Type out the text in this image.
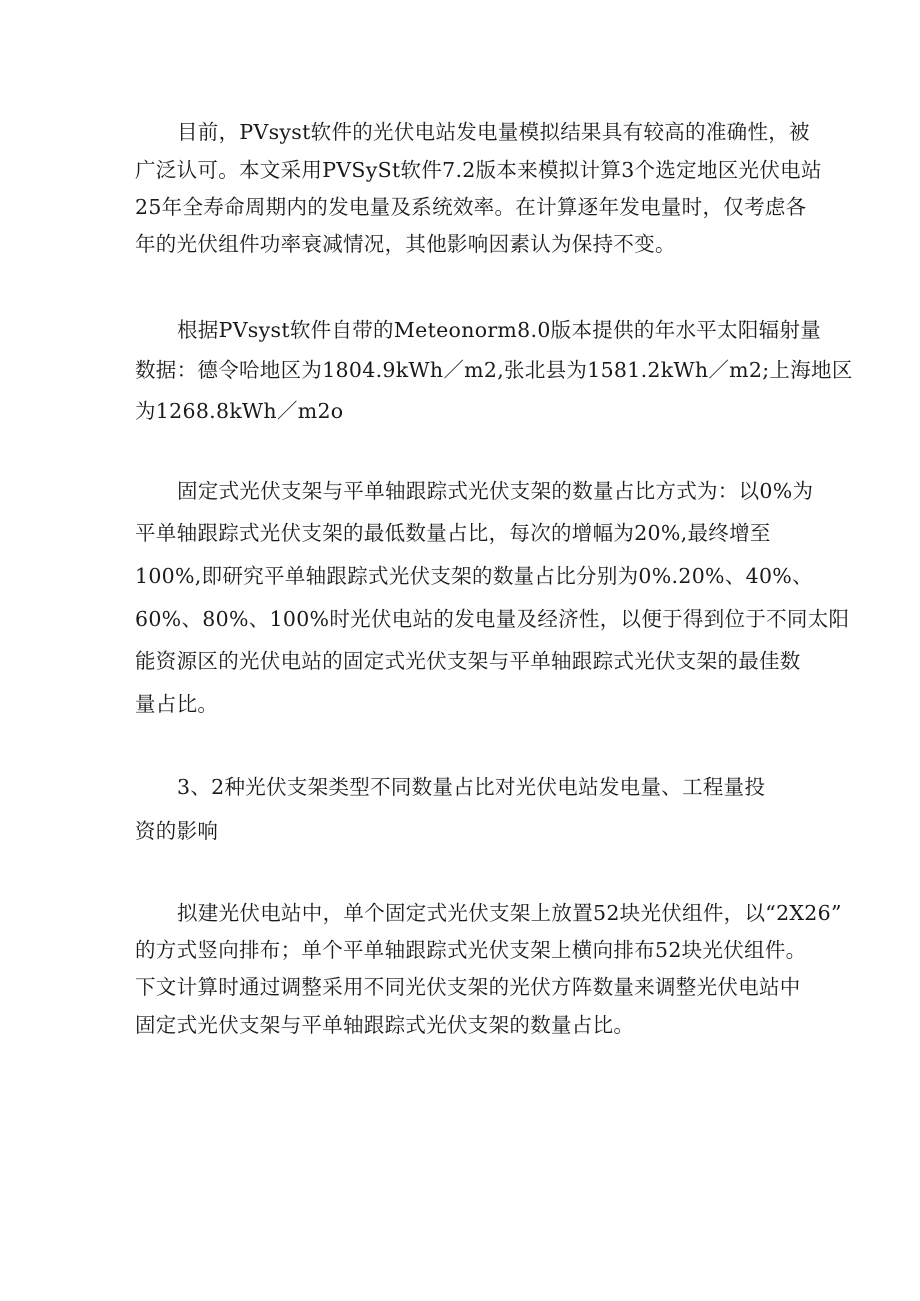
目前，PVsyst软件的光伏电站发电量模拟结果具有较高的准确性，被
广泛认可。本文采用PVSySt软件7.2版本来模拟计算3个选定地区光伏电站
25年全寿命周期内的发电量及系统效率。在计算逐年发电量时，仅考虑各
年的光伏组件功率衰减情况，其他影响因素认为保持不变。
根据PVsyst软件自带的Meteonorm8.0版本提供的年水平太阳辐射量
数据：德令哈地区为1804.9kWh／m2,张北县为1581.2kWh／m2;上海地区
为1268.8kWh／m2o
固定式光伏支架与平单轴跟踪式光伏支架的数量占比方式为：以0%为
平单轴跟踪式光伏支架的最低数量占比，每次的增幅为20%,最终增至
100%,即研究平单轴跟踪式光伏支架的数量占比分别为0%.20%、40%、
60%、80%、100%时光伏电站的发电量及经济性，以便于得到位于不同太阳
能资源区的光伏电站的固定式光伏支架与平单轴跟踪式光伏支架的最佳数
量占比。
3、2种光伏支架类型不同数量占比对光伏电站发电量、工程量投
资的影响
拟建光伏电站中，单个固定式光伏支架上放置52块光伏组件，以“2X26”
的方式竖向排布；单个平单轴跟踪式光伏支架上横向排布52块光伏组件。
下文计算时通过调整采用不同光伏支架的光伏方阵数量来调整光伏电站中
固定式光伏支架与平单轴跟踪式光伏支架的数量占比。
